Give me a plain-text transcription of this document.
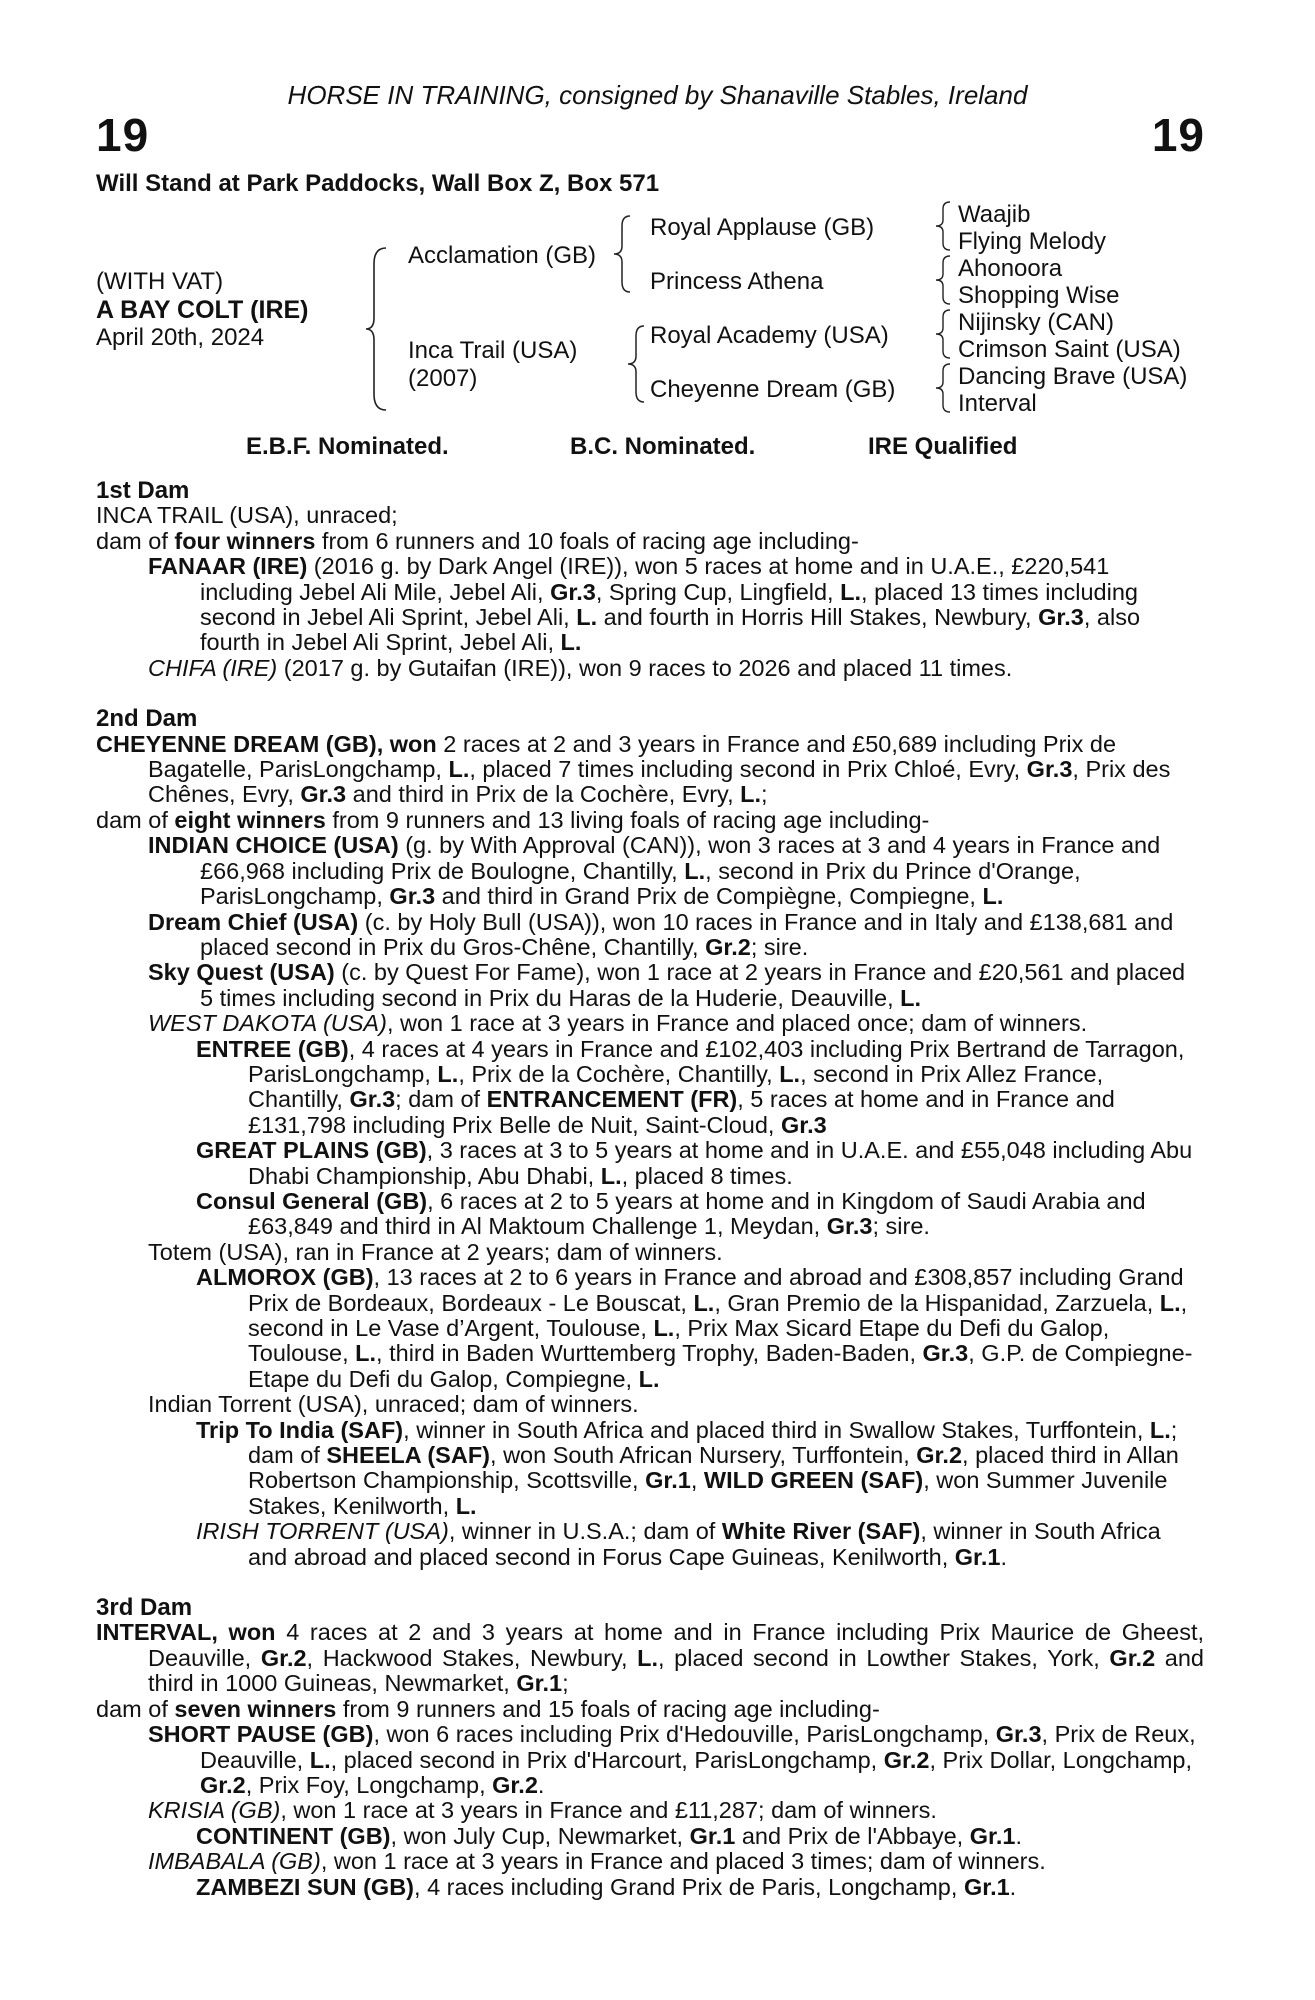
19	19
HORSE IN TRAINING, consigned by Shanaville Stables, Ireland
Will Stand at Park Paddocks, Wall Box Z, Box 571
(WITH VAT)
A BAY COLT (IRE)
April 20th, 2024
Acclamation (GB)
Inca Trail (USA)
(2007)
Royal Applause (GB)
Princess Athena
Royal Academy (USA)
Cheyenne Dream (GB)
Waajib
Flying Melody
Ahonoora
Shopping Wise
Nijinsky (CAN)
Crimson Saint (USA)
Dancing Brave (USA)
Interval
E.B.F. Nominated.	B.C. Nominated.	IRE Qualified
1st Dam
INCA TRAIL (USA), unraced;
dam of four winners from 6 runners and 10 foals of racing age including-
FANAAR (IRE) (2016 g. by Dark Angel (IRE)), won 5 races at home and in U.A.E., £220,541 including Jebel Ali Mile, Jebel Ali, Gr.3, Spring Cup, Lingfield, L., placed 13 times including second in Jebel Ali Sprint, Jebel Ali, L. and fourth in Horris Hill Stakes, Newbury, Gr.3, also fourth in Jebel Ali Sprint, Jebel Ali, L.
CHIFA (IRE) (2017 g. by Gutaifan (IRE)), won 9 races to 2026 and placed 11 times.
2nd Dam
CHEYENNE DREAM (GB), won 2 races at 2 and 3 years in France and £50,689 including Prix de Bagatelle, ParisLongchamp, L., placed 7 times including second in Prix Chloé, Evry, Gr.3, Prix des Chênes, Evry, Gr.3 and third in Prix de la Cochère, Evry, L.;
dam of eight winners from 9 runners and 13 living foals of racing age including-
INDIAN CHOICE (USA) (g. by With Approval (CAN)), won 3 races at 3 and 4 years in France and £66,968 including Prix de Boulogne, Chantilly, L., second in Prix du Prince d'Orange, ParisLongchamp, Gr.3 and third in Grand Prix de Compiègne, Compiegne, L.
Dream Chief (USA) (c. by Holy Bull (USA)), won 10 races in France and in Italy and £138,681 and placed second in Prix du Gros-Chêne, Chantilly, Gr.2; sire.
Sky Quest (USA) (c. by Quest For Fame), won 1 race at 2 years in France and £20,561 and placed 5 times including second in Prix du Haras de la Huderie, Deauville, L.
WEST DAKOTA (USA), won 1 race at 3 years in France and placed once; dam of winners.
ENTREE (GB), 4 races at 4 years in France and £102,403 including Prix Bertrand de Tarragon, ParisLongchamp, L., Prix de la Cochère, Chantilly, L., second in Prix Allez France, Chantilly, Gr.3; dam of ENTRANCEMENT (FR), 5 races at home and in France and £131,798 including Prix Belle de Nuit, Saint-Cloud, Gr.3
GREAT PLAINS (GB), 3 races at 3 to 5 years at home and in U.A.E. and £55,048 including Abu Dhabi Championship, Abu Dhabi, L., placed 8 times.
Consul General (GB), 6 races at 2 to 5 years at home and in Kingdom of Saudi Arabia and £63,849 and third in Al Maktoum Challenge 1, Meydan, Gr.3; sire.
Totem (USA), ran in France at 2 years; dam of winners.
ALMOROX (GB), 13 races at 2 to 6 years in France and abroad and £308,857 including Grand Prix de Bordeaux, Bordeaux - Le Bouscat, L., Gran Premio de la Hispanidad, Zarzuela, L., second in Le Vase d’Argent, Toulouse, L., Prix Max Sicard Etape du Defi du Galop, Toulouse, L., third in Baden Wurttemberg Trophy, Baden-Baden, Gr.3, G.P. de Compiegne-Etape du Defi du Galop, Compiegne, L.
Indian Torrent (USA), unraced; dam of winners.
Trip To India (SAF), winner in South Africa and placed third in Swallow Stakes, Turffontein, L.; dam of SHEELA (SAF), won South African Nursery, Turffontein, Gr.2, placed third in Allan Robertson Championship, Scottsville, Gr.1, WILD GREEN (SAF), won Summer Juvenile Stakes, Kenilworth, L.
IRISH TORRENT (USA), winner in U.S.A.; dam of White River (SAF), winner in South Africa and abroad and placed second in Forus Cape Guineas, Kenilworth, Gr.1.
3rd Dam
INTERVAL, won 4 races at 2 and 3 years at home and in France including Prix Maurice de Gheest, Deauville, Gr.2, Hackwood Stakes, Newbury, L., placed second in Lowther Stakes, York, Gr.2 and third in 1000 Guineas, Newmarket, Gr.1;
dam of seven winners from 9 runners and 15 foals of racing age including-
SHORT PAUSE (GB), won 6 races including Prix d'Hedouville, ParisLongchamp, Gr.3, Prix de Reux, Deauville, L., placed second in Prix d'Harcourt, ParisLongchamp, Gr.2, Prix Dollar, Longchamp, Gr.2, Prix Foy, Longchamp, Gr.2.
KRISIA (GB), won 1 race at 3 years in France and £11,287; dam of winners.
CONTINENT (GB), won July Cup, Newmarket, Gr.1 and Prix de l'Abbaye, Gr.1.
IMBABALA (GB), won 1 race at 3 years in France and placed 3 times; dam of winners.
ZAMBEZI SUN (GB), 4 races including Grand Prix de Paris, Longchamp, Gr.1.
